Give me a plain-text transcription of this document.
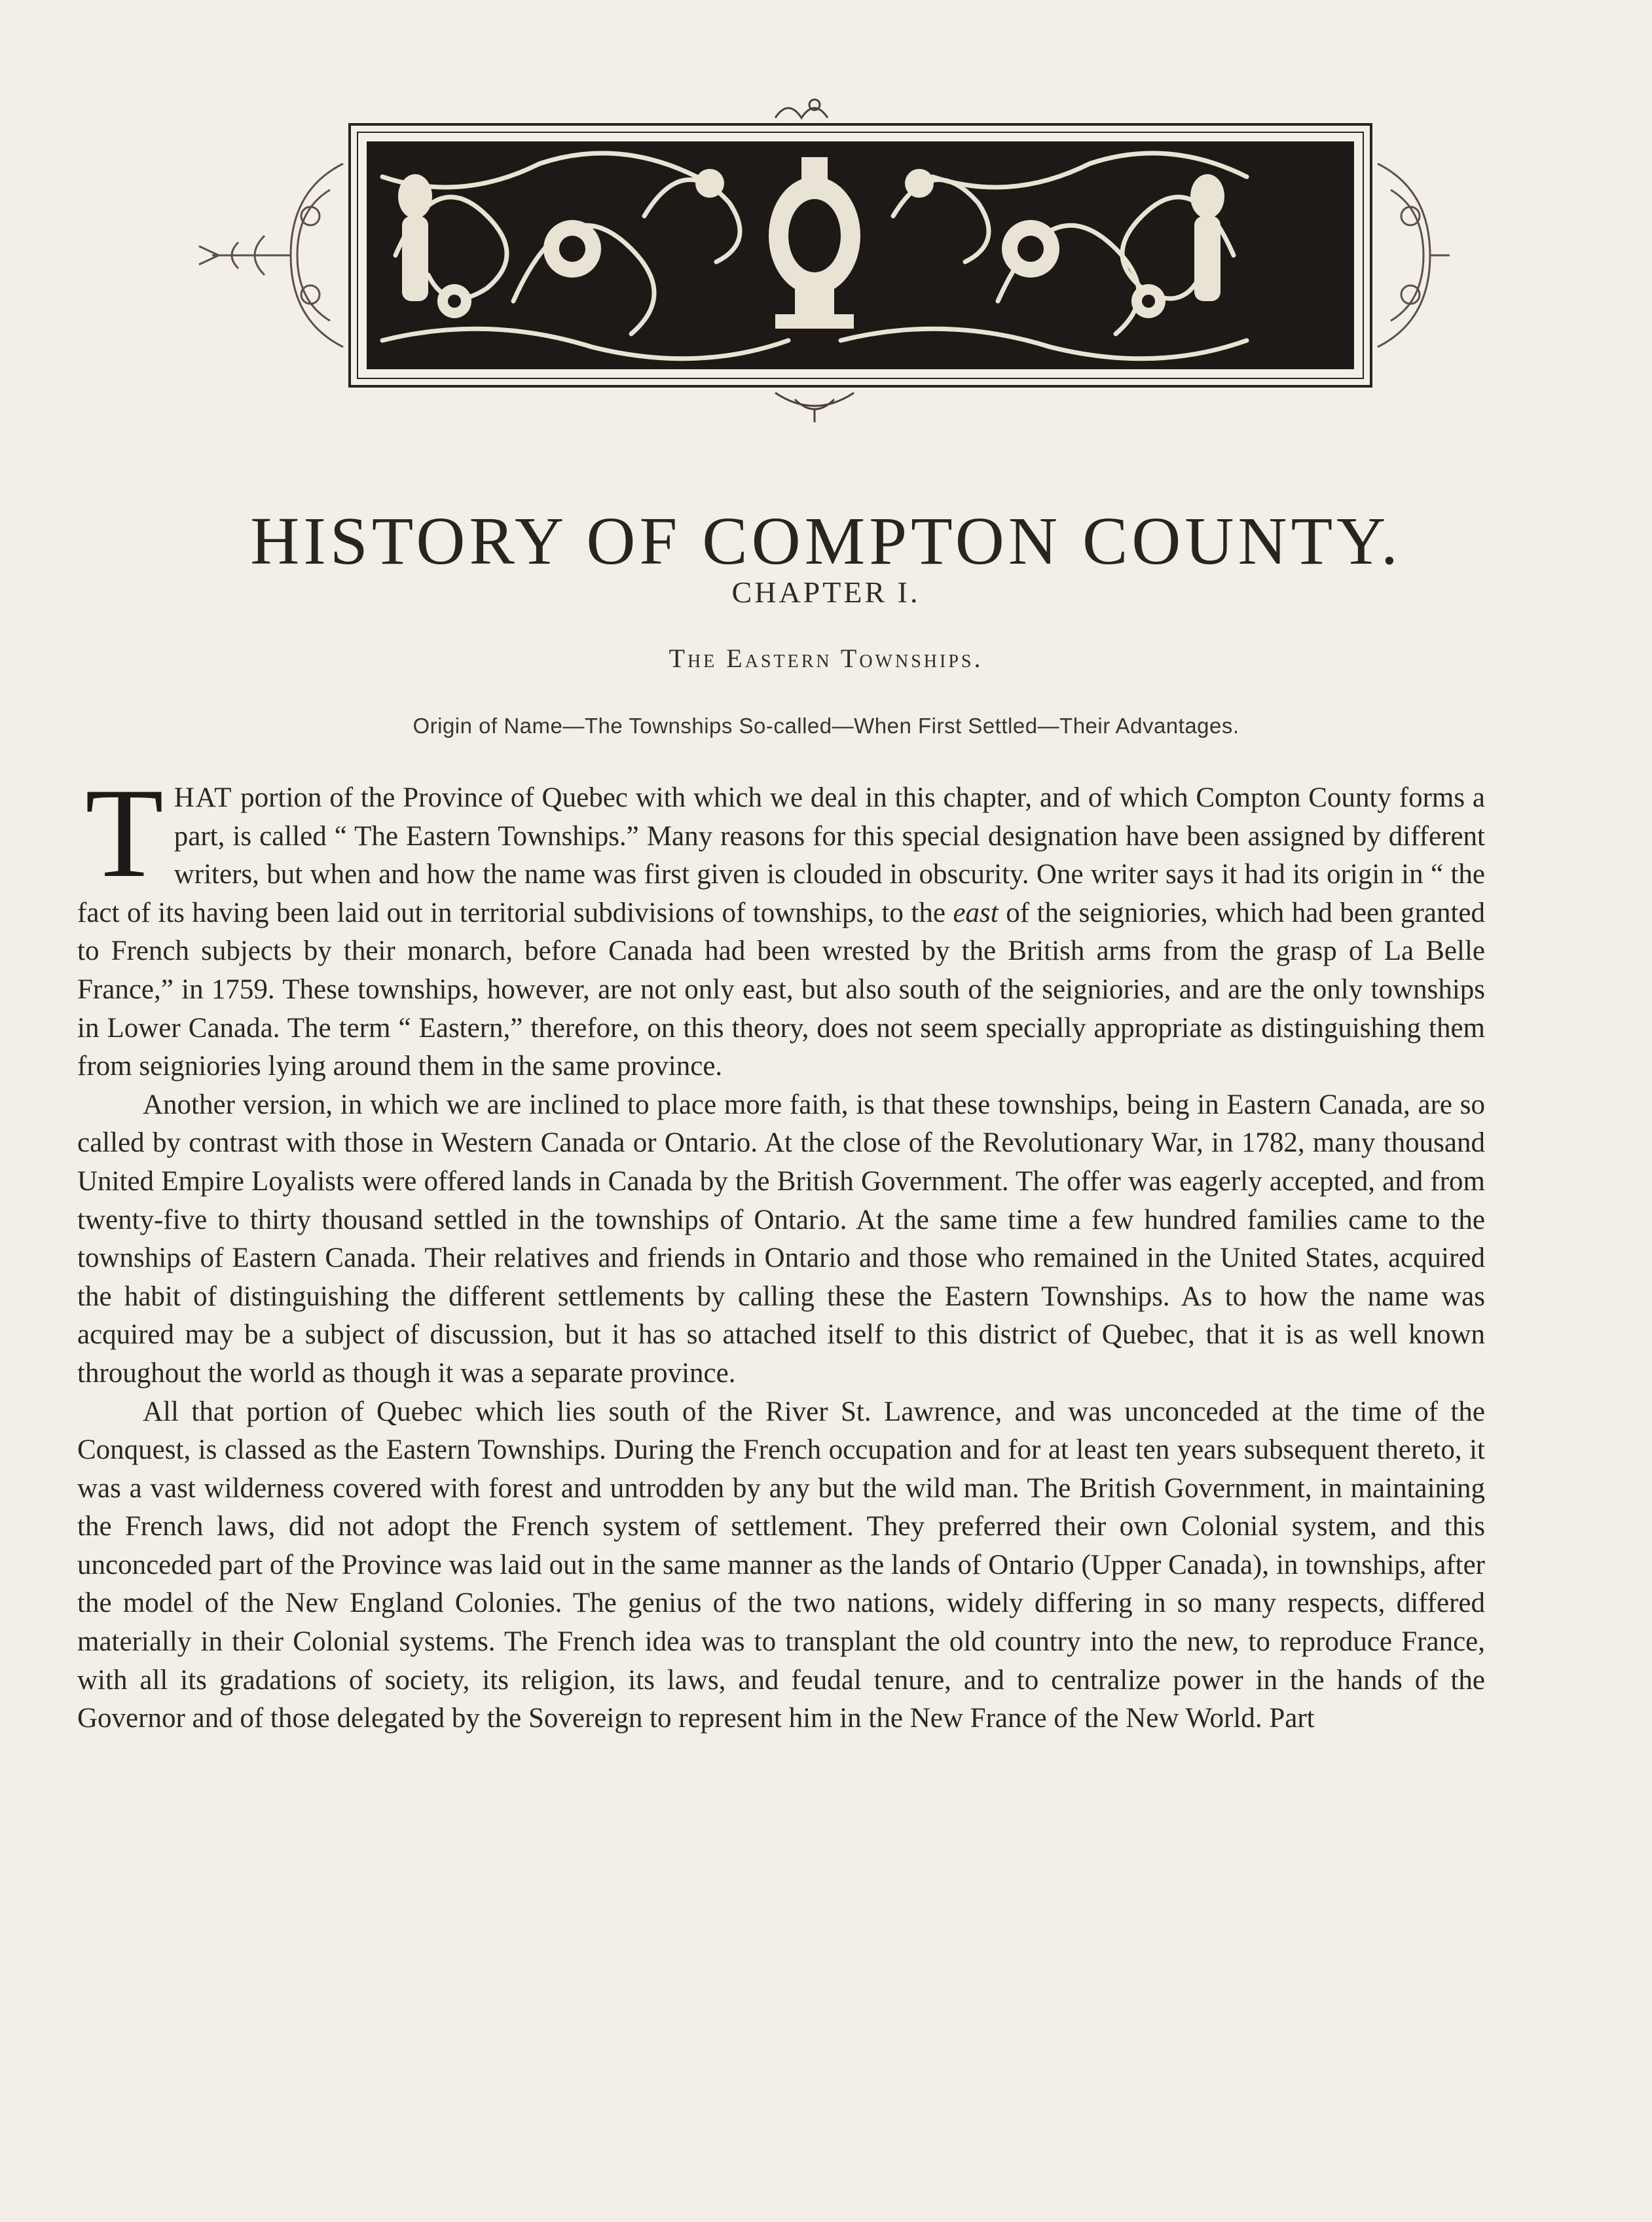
HISTORY OF COMPTON COUNTY.
CHAPTER I.
The Eastern Townships.
Origin of Name—The Townships So-called—When First Settled—Their Advantages.

THAT portion of the Province of Quebec with which we deal in this chapter, and of which Compton County forms a part, is called “ The Eastern Townships.” Many reasons for this special designation have been assigned by different writers, but when and how the name was first given is clouded in obscurity. One writer says it had its origin in “ the fact of its having been laid out in territorial subdivisions of townships, to the east of the seigniories, which had been granted to French subjects by their monarch, before Canada had been wrested by the British arms from the grasp of La Belle France,” in 1759. These townships, however, are not only east, but also south of the seigniories, and are the only townships in Lower Canada. The term “ Eastern,” therefore, on this theory, does not seem specially appropriate as distinguishing them from seigniories lying around them in the same province.

Another version, in which we are inclined to place more faith, is that these townships, being in Eastern Canada, are so called by contrast with those in Western Canada or Ontario. At the close of the Revolutionary War, in 1782, many thousand United Empire Loyalists were offered lands in Canada by the British Government. The offer was eagerly accepted, and from twenty-five to thirty thousand settled in the townships of Ontario. At the same time a few hundred families came to the townships of Eastern Canada. Their relatives and friends in Ontario and those who remained in the United States, acquired the habit of distinguishing the different settlements by calling these the Eastern Townships. As to how the name was acquired may be a subject of discussion, but it has so attached itself to this district of Quebec, that it is as well known throughout the world as though it was a separate province.

All that portion of Quebec which lies south of the River St. Lawrence, and was unconceded at the time of the Conquest, is classed as the Eastern Townships. During the French occupation and for at least ten years subsequent thereto, it was a vast wilderness covered with forest and untrodden by any but the wild man. The British Government, in maintaining the French laws, did not adopt the French system of settlement. They preferred their own Colonial system, and this unconceded part of the Province was laid out in the same manner as the lands of Ontario (Upper Canada), in townships, after the model of the New England Colonies. The genius of the two nations, widely differing in so many respects, differed materially in their Colonial systems. The French idea was to transplant the old country into the new, to reproduce France, with all its gradations of society, its religion, its laws, and feudal tenure, and to centralize power in the hands of the Governor and of those delegated by the Sovereign to represent him in the New France of the New World. Part
